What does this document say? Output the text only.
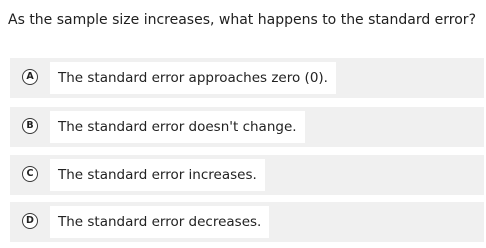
As the sample size increases, what happens to the standard error?
A	The standard error approaches zero (0).
B	The standard error doesn't change.
C	The standard error increases.
D	The standard error decreases.
